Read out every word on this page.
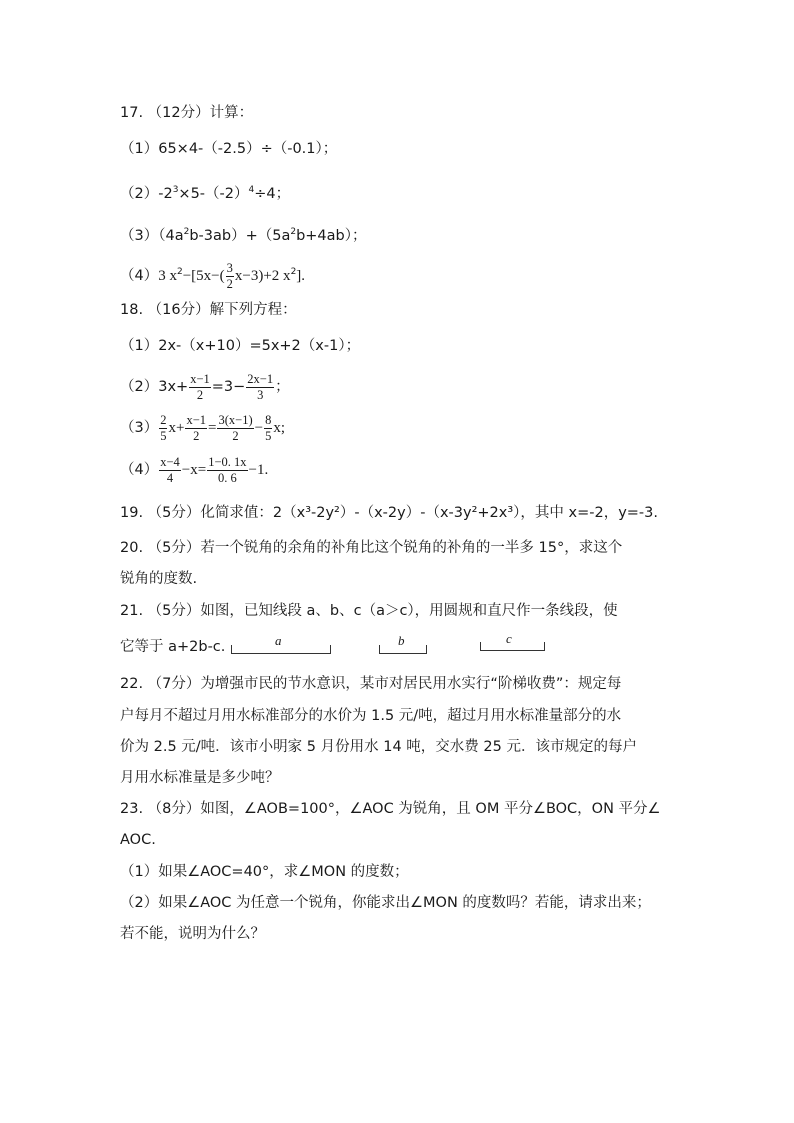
17. （12分）计算：
（1）65×4-（-2.5）÷（-0.1）；
$(2)-2^3\times 5-(-2)^4\div 4$；
$(3)(4a^2b-3ab)+(5a^2b+4ab)$；
（4）3 $x^2-[5x-( \frac{3}{2} x-3)+2$ $x^2$].
18. （16分）解下列方程：
（1）2x-（x+10）=5x+2（x-1）；
$(2)3x+ \frac{x-1}{2} =3- \frac{2x-1}{3}$ ；
$(3) \frac{2}{5} x+ \frac{x-1}{2} = \frac{3(x-1)}{2} - \frac{8}{5} x$;
$(4) \frac{x-4}{4} -x= \frac{1-0. 1x}{0. 6} -1$.
19. （5分）化简求值：2（x³-2y²）-（x-2y）-（x-3y²+2x³），其中 x=-2，y=-3.
20. （5分）若一个锐角的余角的补角比这个锐角的补角的一半多 15°，求这个
锐角的度数.
21. （5分）如图，已知线段 a、b、c（a＞c），用圆规和直尺作一条线段，使
它等于 a+2b-c.	a	b	c
22. （7分）为增强市民的节水意识，某市对居民用水实行“阶梯收费”：规定每
户每月不超过月用水标准部分的水价为 1.5 元/吨，超过月用水标准量部分的水
价为 2.5 元/吨．该市小明家 5 月份用水 14 吨，交水费 25 元．该市规定的每户
月用水标准量是多少吨？
23. （8分）如图，∠AOB=100°，∠AOC 为锐角，且 OM 平分∠BOC，ON 平分∠
AOC.
（1）如果∠AOC=40°，求∠MON 的度数；
（2）如果∠AOC 为任意一个锐角，你能求出∠MON 的度数吗？若能，请求出来；
若不能，说明为什么？
